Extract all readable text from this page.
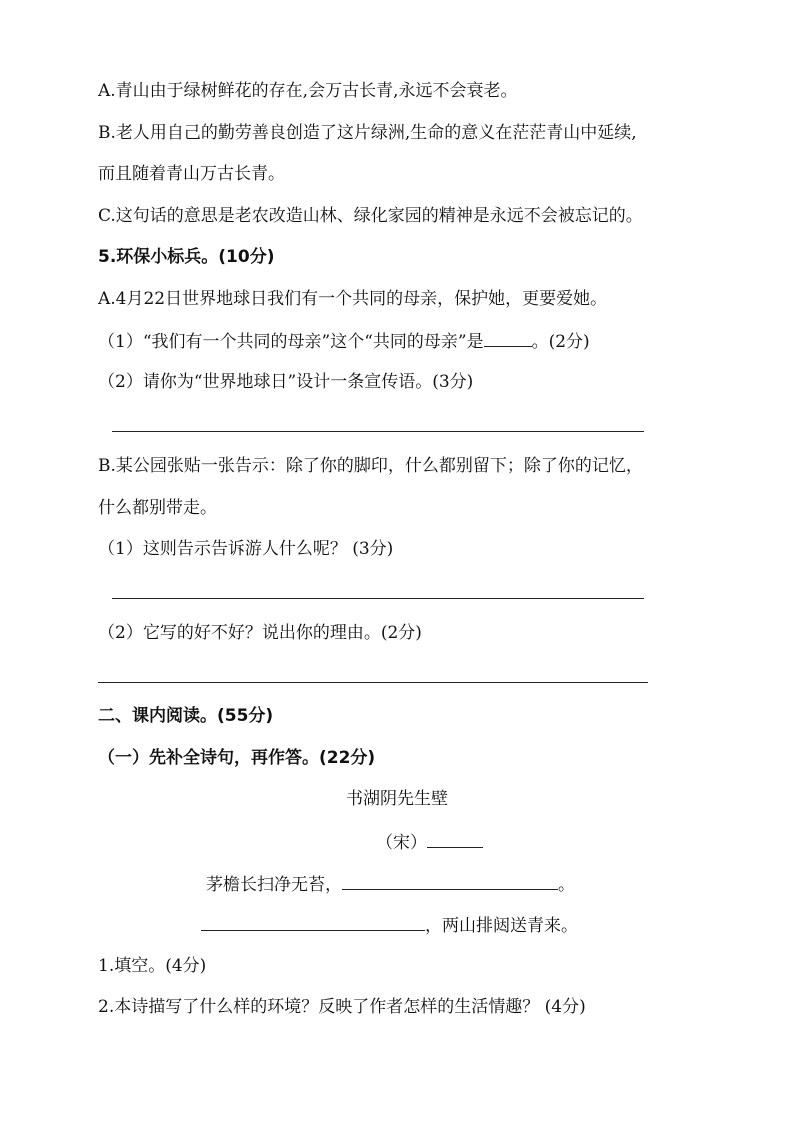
A.青山由于绿树鲜花的存在,会万古长青,永远不会衰老。
B.老人用自己的勤劳善良创造了这片绿洲,生命的意义在茫茫青山中延续,
而且随着青山万古长青。
C.这句话的意思是老农改造山林、绿化家园的精神是永远不会被忘记的。
5.环保小标兵。(10分)
A.4月22日世界地球日我们有一个共同的母亲，保护她，更要爱她。
（1）“我们有一个共同的母亲”这个“共同的母亲”是	。(2分)
（2）请你为“世界地球日”设计一条宣传语。(3分)
B.某公园张贴一张告示：除了你的脚印，什么都别留下；除了你的记忆，
什么都别带走。
（1）这则告示告诉游人什么呢？ (3分)
（2）它写的好不好？说出你的理由。(2分)
二、课内阅读。(55分)
（一）先补全诗句，再作答。(22分)
书湖阴先生壁
（宋）
茅檐长扫净无苔，	。
，两山排闼送青来。
1.填空。(4分)
2.本诗描写了什么样的环境？反映了作者怎样的生活情趣？ (4分)
